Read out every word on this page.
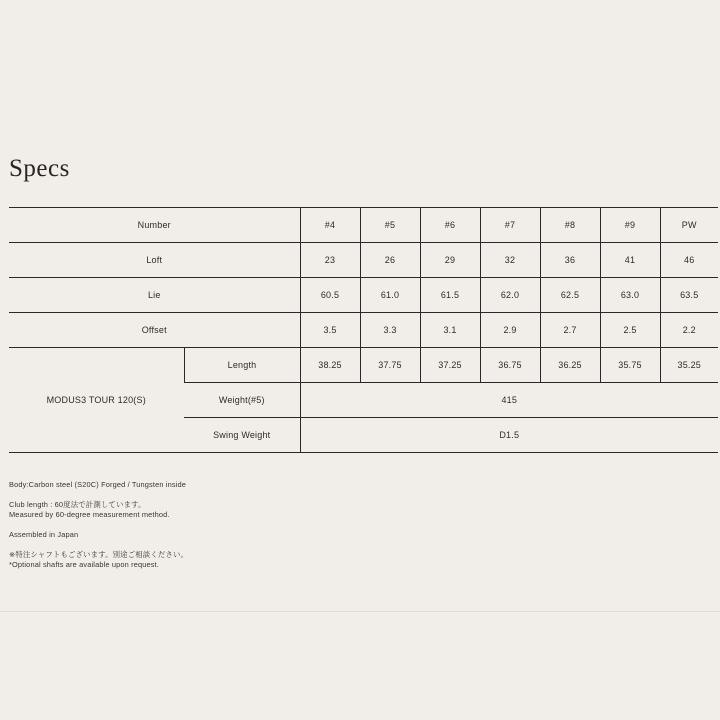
Specs
Number		#4	#5	#6	#7	#8	#9	PW
Loft		23	26	29	32	36	41	46
Lie		60.5	61.0	61.5	62.0	62.5	63.0	63.5
Offset		3.5	3.3	3.1	2.9	2.7	2.5	2.2
MODUS3 TOUR 120(S)	Length	38.25	37.75	37.25	36.75	36.25	35.75	35.25
	Weight(#5)	415						
	Swing Weight	D1.5						

Body:Carbon steel (S20C) Forged / Tungsten inside

Club length : 60度法で計測しています。
Measured by 60-degree measurement method.

Assembled in Japan

※特注シャフトもございます。別途ご相談ください。
*Optional shafts are available upon request.
